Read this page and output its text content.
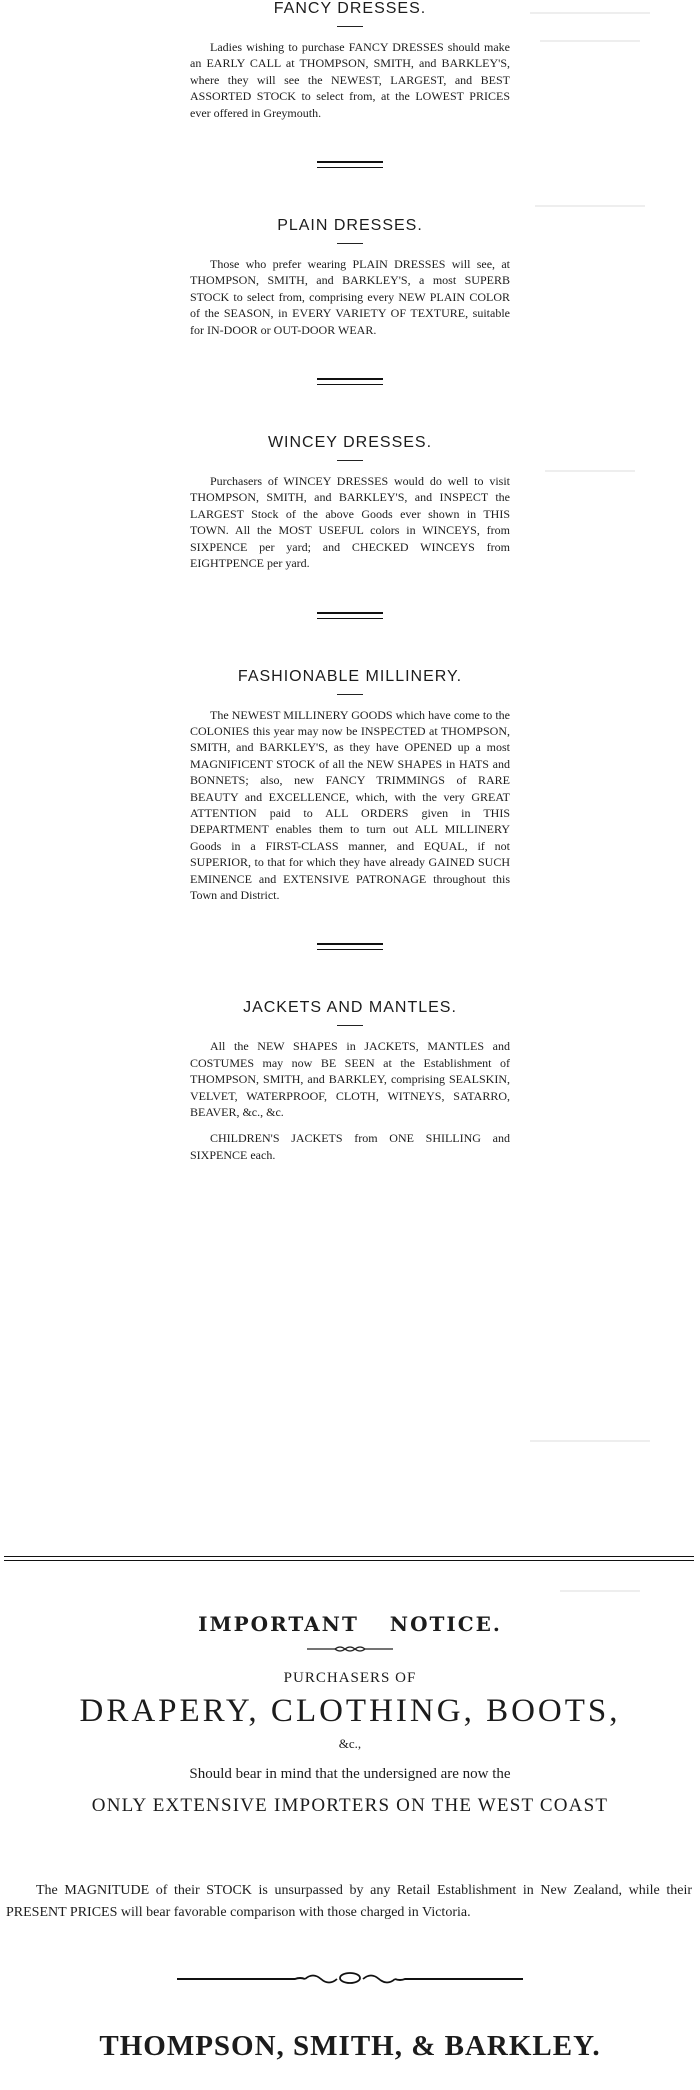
FANCY DRESSES.

Ladies wishing to purchase FANCY DRESSES should make an EARLY CALL at THOMPSON, SMITH, and BARKLEY'S, where they will see the NEWEST, LARGEST, and BEST ASSORTED STOCK to select from, at the LOWEST PRICES ever offered in Greymouth.

PLAIN DRESSES.

Those who prefer wearing PLAIN DRESSES will see, at THOMPSON, SMITH, and BARKLEY'S, a most SUPERB STOCK to select from, comprising every NEW PLAIN COLOR of the SEASON, in EVERY VARIETY OF TEXTURE, suitable for IN-DOOR or OUT-DOOR WEAR.

WINCEY DRESSES.

Purchasers of WINCEY DRESSES would do well to visit THOMPSON, SMITH, and BARKLEY'S, and INSPECT the LARGEST Stock of the above Goods ever shown in THIS TOWN. All the MOST USEFUL colors in WINCEYS, from SIXPENCE per yard; and CHECKED WINCEYS from EIGHTPENCE per yard.

FASHIONABLE MILLINERY.

The NEWEST MILLINERY GOODS which have come to the COLONIES this year may now be INSPECTED at THOMPSON, SMITH, and BARKLEY'S, as they have OPENED up a most MAGNIFICENT STOCK of all the NEW SHAPES in HATS and BONNETS; also, new FANCY TRIMMINGS of RARE BEAUTY and EXCELLENCE, which, with the very GREAT ATTENTION paid to ALL ORDERS given in THIS DEPARTMENT enables them to turn out ALL MILLINERY Goods in a FIRST-CLASS manner, and EQUAL, if not SUPERIOR, to that for which they have already GAINED SUCH EMINENCE and EXTENSIVE PATRONAGE throughout this Town and District.

JACKETS AND MANTLES.

All the NEW SHAPES in JACKETS, MANTLES and COSTUMES may now BE SEEN at the Establishment of THOMPSON, SMITH, and BARKLEY, comprising SEALSKIN, VELVET, WATERPROOF, CLOTH, WITNEYS, SATARRO, BEAVER, &c., &c.

CHILDREN'S JACKETS from ONE SHILLING and SIXPENCE each.

IMPORTANT NOTICE.

PURCHASERS OF

DRAPERY, CLOTHING, BOOTS,

&c.,

Should bear in mind that the undersigned are now the

ONLY EXTENSIVE IMPORTERS ON THE WEST COAST

The MAGNITUDE of their STOCK is unsurpassed by any Retail Establishment in New Zealand, while their PRESENT PRICES will bear favorable comparison with those charged in Victoria.

THOMPSON, SMITH, & BARKLEY.
